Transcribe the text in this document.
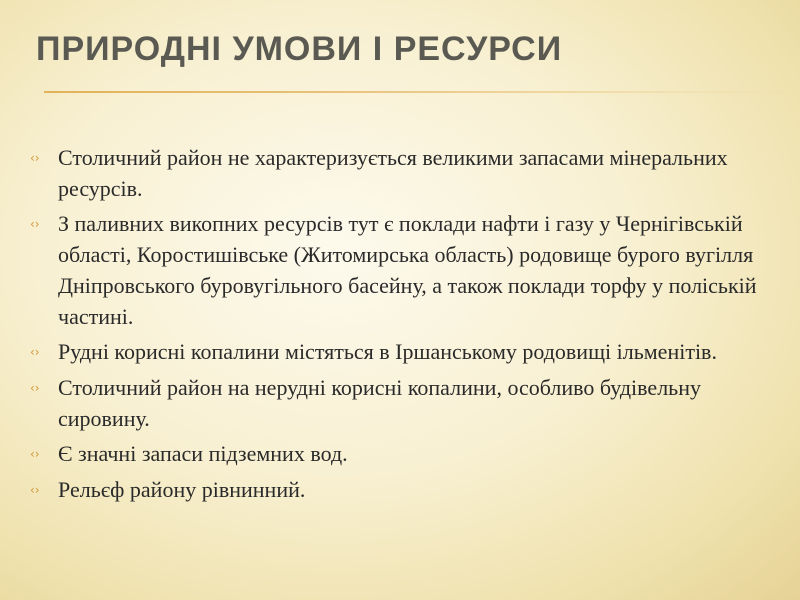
ПРИРОДНІ УМОВИ І РЕСУРСИ
‹› Столичний район не характеризується великими запасами мінеральних ресурсів.
‹› З паливних викопних ресурсів тут є поклади нафти і газу у Чернігівській області, Коростишівське (Житомирська область) родовище бурого вугілля Дніпровського буровугільного басейну, а також поклади торфу у поліській частині.
‹› Рудні корисні копалини містяться в Іршанському родовищі ільменітів.
‹› Столичний район на нерудні корисні копалини, особливо будівельну сировину.
‹› Є значні запаси підземних вод.
‹› Рельєф району рівнинний.
